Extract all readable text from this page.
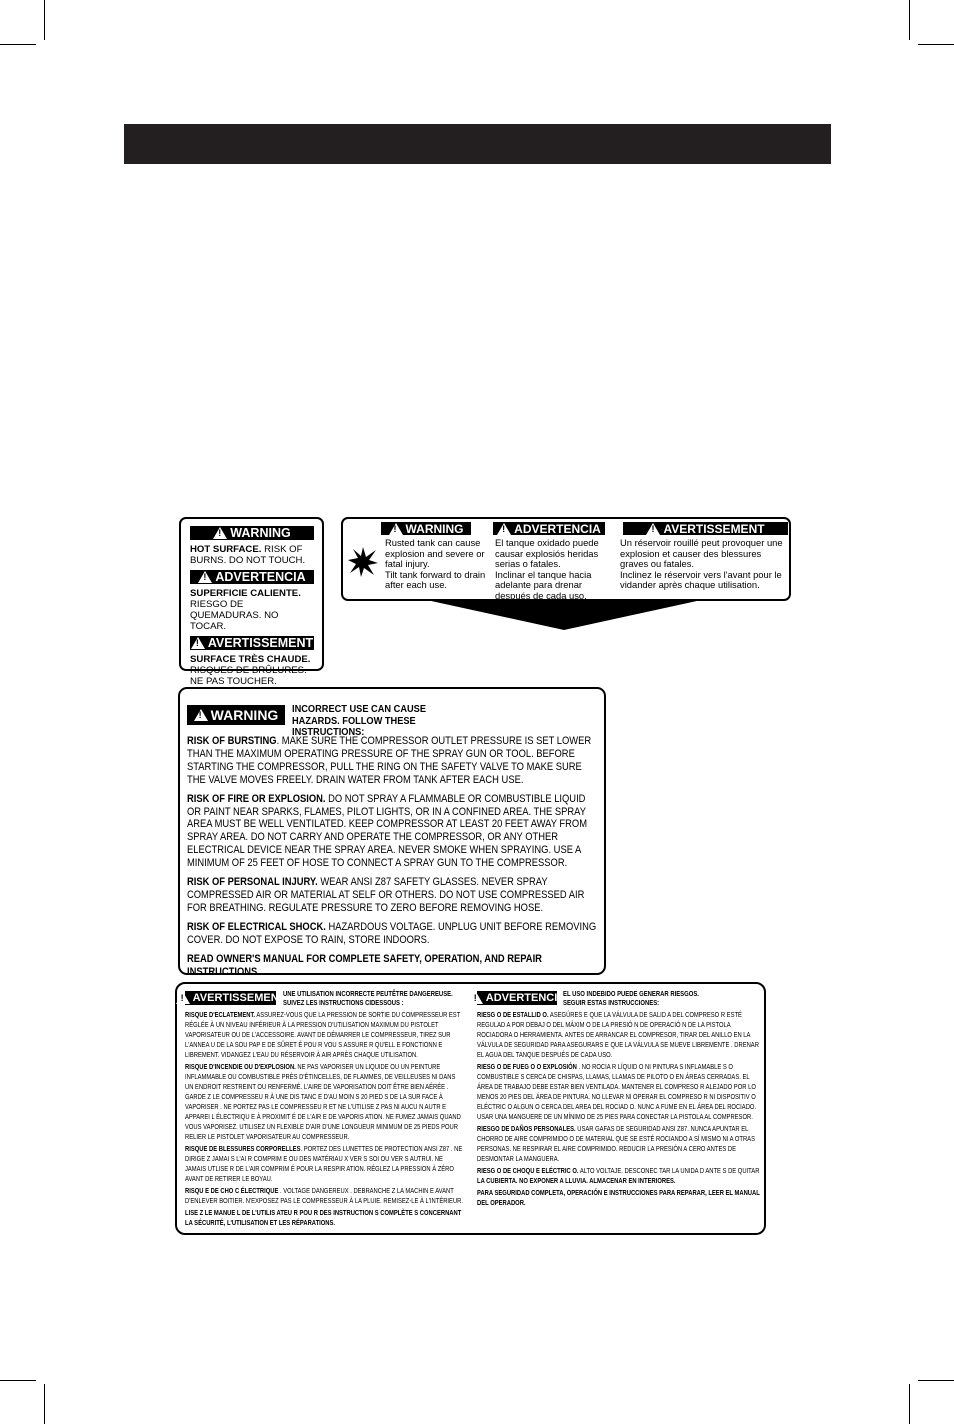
!
WARNING
HOT SURFACE. RISK OF BURNS. DO NOT TOUCH.
!
ADVERTENCIA
SUPERFICIE CALIENTE. RIESGO DE QUEMADURAS. NO TOCAR.
!
AVERTISSEMENT
SURFACE TRÈS CHAUDE. RISQUES DE BRÛLURES. NE PAS TOUCHER.
!
WARNING !	ADVERTENCIA !	AVERTISSEMENT
Rusted tank can cause explosion and severe or fatal injury.
Tilt tank forward to drain after each use.
El tanque oxidado puede causar explosiós heridas serias o fatales.
Inclinar el tanque hacia adelante para drenar después de cada uso.
Un réservoir rouillé peut provoquer une explosion et causer des blessures graves ou fatales.
Inclinez le réservoir vers l'avant pour le vidander après chaque utilisation.
!
WARNING INCORRECT USE CAN CAUSE HAZARDS. FOLLOW THESE INSTRUCTIONS:

RISK OF BURSTING. MAKE SURE THE COMPRESSOR OUTLET PRESSURE IS SET LOWER THAN THE MAXIMUM OPERATING PRESSURE OF THE SPRAY GUN OR TOOL. BEFORE STARTING THE COMPRESSOR, PULL THE RING ON THE SAFETY VALVE TO MAKE SURE THE VALVE MOVES FREELY. DRAIN WATER FROM TANK AFTER EACH USE.

RISK OF FIRE OR EXPLOSION. DO NOT SPRAY A FLAMMABLE OR COMBUSTIBLE LIQUID OR PAINT NEAR SPARKS, FLAMES, PILOT LIGHTS, OR IN A CONFINED AREA. THE SPRAY AREA MUST BE WELL VENTILATED. KEEP COMPRESSOR AT LEAST 20 FEET AWAY FROM SPRAY AREA. DO NOT CARRY AND OPERATE THE COMPRESSOR, OR ANY OTHER ELECTRICAL DEVICE NEAR THE SPRAY AREA. NEVER SMOKE WHEN SPRAYING. USE A MINIMUM OF 25 FEET OF HOSE TO CONNECT A SPRAY GUN TO THE COMPRESSOR.

RISK OF PERSONAL INJURY. WEAR ANSI Z87 SAFETY GLASSES. NEVER SPRAY COMPRESSED AIR OR MATERIAL AT SELF OR OTHERS. DO NOT USE COMPRESSED AIR FOR BREATHING. REGULATE PRESSURE TO ZERO BEFORE REMOVING HOSE.

RISK OF ELECTRICAL SHOCK. HAZARDOUS VOLTAGE. UNPLUG UNIT BEFORE REMOVING COVER. DO NOT EXPOSE TO RAIN, STORE INDOORS.

READ OWNER'S MANUAL FOR COMPLETE SAFETY, OPERATION, AND REPAIR INSTRUCTIONS.

!
AVERTISSEMENT
UNE UTILISATION INCORRECTE PEUTÊTRE DANGEREUSE. SUIVEZ LES INSTRUCTIONS CIDESSOUS :

RISQUE D'ECLATEMENT. ASSUREZ-VOUS QUE LA PRESSION DE SORTIE DU COMPRESSEUR EST RÉGLÉE À UN NIVEAU INFÉRIEUR À LA PRESSION D'UTILISATION MAXIMUM DU PISTOLET VAPORISATEUR OU DE L'ACCESSOIRE. AVANT DE DÉMARRER LE COMPRESSEUR, TIREZ SUR L'ANNEA U DE LA SOU PAP E DE SÛRET É POU R VOU S ASSURE R QU'ELL E FONCTIONN E LIBREMENT. VIDANGEZ L'EAU DU RÉSERVOIR À AIR APRÈS CHAQUE UTILISATION.

RISQUE D'INCENDIE OU D'EXPLOSION. NE PAS VAPORISER UN LIQUIDE OU UN PEINTURE INFLAMMABLE OU COMBUSTIBLE PRÈS D'ÉTINCELLES, DE FLAMMES, DE VEILLEUSES NI DANS UN ENDROIT RESTREINT OU RENFERMÉ. L'AIRE DE VAPORISATION DOIT ÊTRE BIEN AÉRÉE . GARDE Z LE COMPRESSEU R À UNE DIS TANC E D'AU MOIN S 20 PIED S DE LA SUR FACE À VAPORISER . NE PORTEZ PAS LE COMPRESSEU R ET NE L'UTILISE Z PAS NI AUCU N AUTR E APPAREI L ÉLECTRIQU E À PROXIMIT É DE L'AIR E DE VAPORIS ATION. NE FUMEZ JAMAIS QUAND VOUS VAPORISEZ. UTILISEZ UN FLEXIBLE D'AIR D'UNE LONGUEUR MINIMUM DE 25 PIEDS POUR RELIER LE PISTOLET VAPORISATEUR AU COMPRESSEUR.

RISQUE DE BLESSURES CORPORELLES. PORTEZ DES LUNETTES DE PROTECTION ANSI Z87 . NE DIRIGE Z JAMAI S L'AI R COMPRIM E OU DES MATÉRIAU X VER S SOI OU VER S AUTRUI. NE JAMAIS UTLISE R DE L'AIR COMPRIM É POUR LA RESPIR ATION. RÉGLEZ LA PRESSION À ZÉRO AVANT DE RETIRER LE BOYAU.

RISQU E DE CHO C ÉLECTRIQUE . VOLTAGE DANGEREUX . DEBRANCHE Z LA MACHIN E AVANT D'ENLEVER BOITIER. N'EXPOSEZ PAS LE COMPRESSEUR À LA PLUIE. REMISEZ-LE À L'INTÉRIEUR.

LISE Z LE MANUE L DE L'UTILIS ATEU R POU R DES INSTRUCTION S COMPLÈTE S CONCERNANT LA SÉCURITÉ, L'UTILISATION ET LES RÉPARATIONS.

!
ADVERTENCIA
EL USO INDEBIDO PUEDE GENERAR RIESGOS. SEGUIR ESTAS INSTRUCCIONES:

RIESG O DE ESTALLID O. ASEGÚRES E QUE LA VÁLVULA DE SALID A DEL COMPRESO R ESTÉ REGULAD A POR DEBAJ O DEL MÁXIM O DE LA PRESIÓ N DE OPERACIÓ N DE LA PISTOLA ROCIADORA O HERRAMIENTA. ANTES DE ARRANCAR EL COMPRESOR, TIRAR DEL ANILLO EN LA VÁLVULA DE SEGURIDAD PARA ASEGURARS E QUE LA VÁLVULA SE MUEVE LIBREMENTE . DRENAR EL AGUA DEL TANQUE DESPUÉS DE CADA USO.

RIESG O DE FUEG O O EXPLOSIÓN . NO ROCIA R LÍQUID O NI PINTURA S INFLAMABLE S O COMBUSTIBLE S CERCA DE CHISPAS, LLAMAS, LLAMAS DE PILOTO O EN ÁREAS CERRADAS. EL ÁREA DE TRABAJO DEBE ESTAR BIEN VENTILADA. MANTENER EL COMPRESO R ALEJADO POR LO MENOS 20 PIES DEL ÁREA DE PINTURA. NO LLEVAR NI OPERAR EL COMPRESO R NI DISPOSITIV O ELÉCTRIC O ALGUN O CERCA DEL AREA DEL ROCIAD O. NUNC A FUME EN EL ÁREA DEL ROCIADO. USAR UNA MANGUERE DE UN MÍNIMO DE 25 PIES PARA CONECTAR LA PISTOLA AL COMPRESOR.

RIESGO DE DAÑOS PERSONALES. USAR GAFAS DE SEGURIDAD ANSI Z87. NUNCA APUNTAR EL CHORRO DE AIRE COMPRIMIDO O DE MATERIAL QUE SE ESTÉ ROCIANDO A SÍ MISMO NI A OTRAS PERSONAS. NE RESPIRAR EL AIRE COMPRIMIDO. REDUCIR LA PRESIÓN A CERO ANTES DE DESMONTAR LA MANGUERA.

RIESG O DE CHOQU E ELÉCTRIC O. ALTO VOLTAJE. DESCONEC TAR LA UNIDA D ANTE S DE QUITAR LA CUBIERTA. NO EXPONER A LLUVIA. ALMACENAR EN INTERIORES.

PARA SEGURIDAD COMPLETA, OPERACIÓN E INSTRUCCIONES PARA REPARAR, LEER EL MANUAL DEL OPERADOR.
